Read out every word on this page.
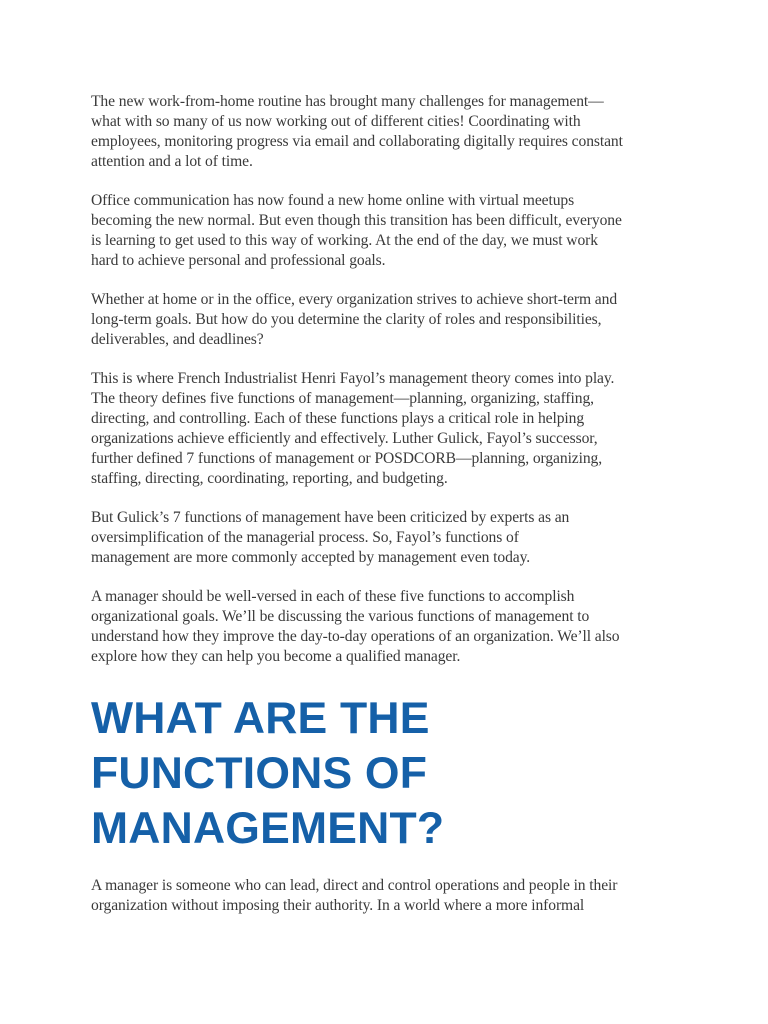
The new work-from-home routine has brought many challenges for management—
what with so many of us now working out of different cities! Coordinating with
employees, monitoring progress via email and collaborating digitally requires constant
attention and a lot of time.

Office communication has now found a new home online with virtual meetups
becoming the new normal. But even though this transition has been difficult, everyone
is learning to get used to this way of working. At the end of the day, we must work
hard to achieve personal and professional goals.

Whether at home or in the office, every organization strives to achieve short-term and
long-term goals. But how do you determine the clarity of roles and responsibilities,
deliverables, and deadlines?

This is where French Industrialist Henri Fayol’s management theory comes into play.
The theory defines five functions of management—planning, organizing, staffing,
directing, and controlling. Each of these functions plays a critical role in helping
organizations achieve efficiently and effectively. Luther Gulick, Fayol’s successor,
further defined 7 functions of management or POSDCORB—planning, organizing,
staffing, directing, coordinating, reporting, and budgeting.

But Gulick’s 7 functions of management have been criticized by experts as an
oversimplification of the managerial process. So, Fayol’s functions of
management are more commonly accepted by management even today.

A manager should be well-versed in each of these five functions to accomplish
organizational goals. We’ll be discussing the various functions of management to
understand how they improve the day-to-day operations of an organization. We’ll also
explore how they can help you become a qualified manager.

WHAT ARE THE
FUNCTIONS OF
MANAGEMENT?

A manager is someone who can lead, direct and control operations and people in their
organization without imposing their authority. In a world where a more informal
